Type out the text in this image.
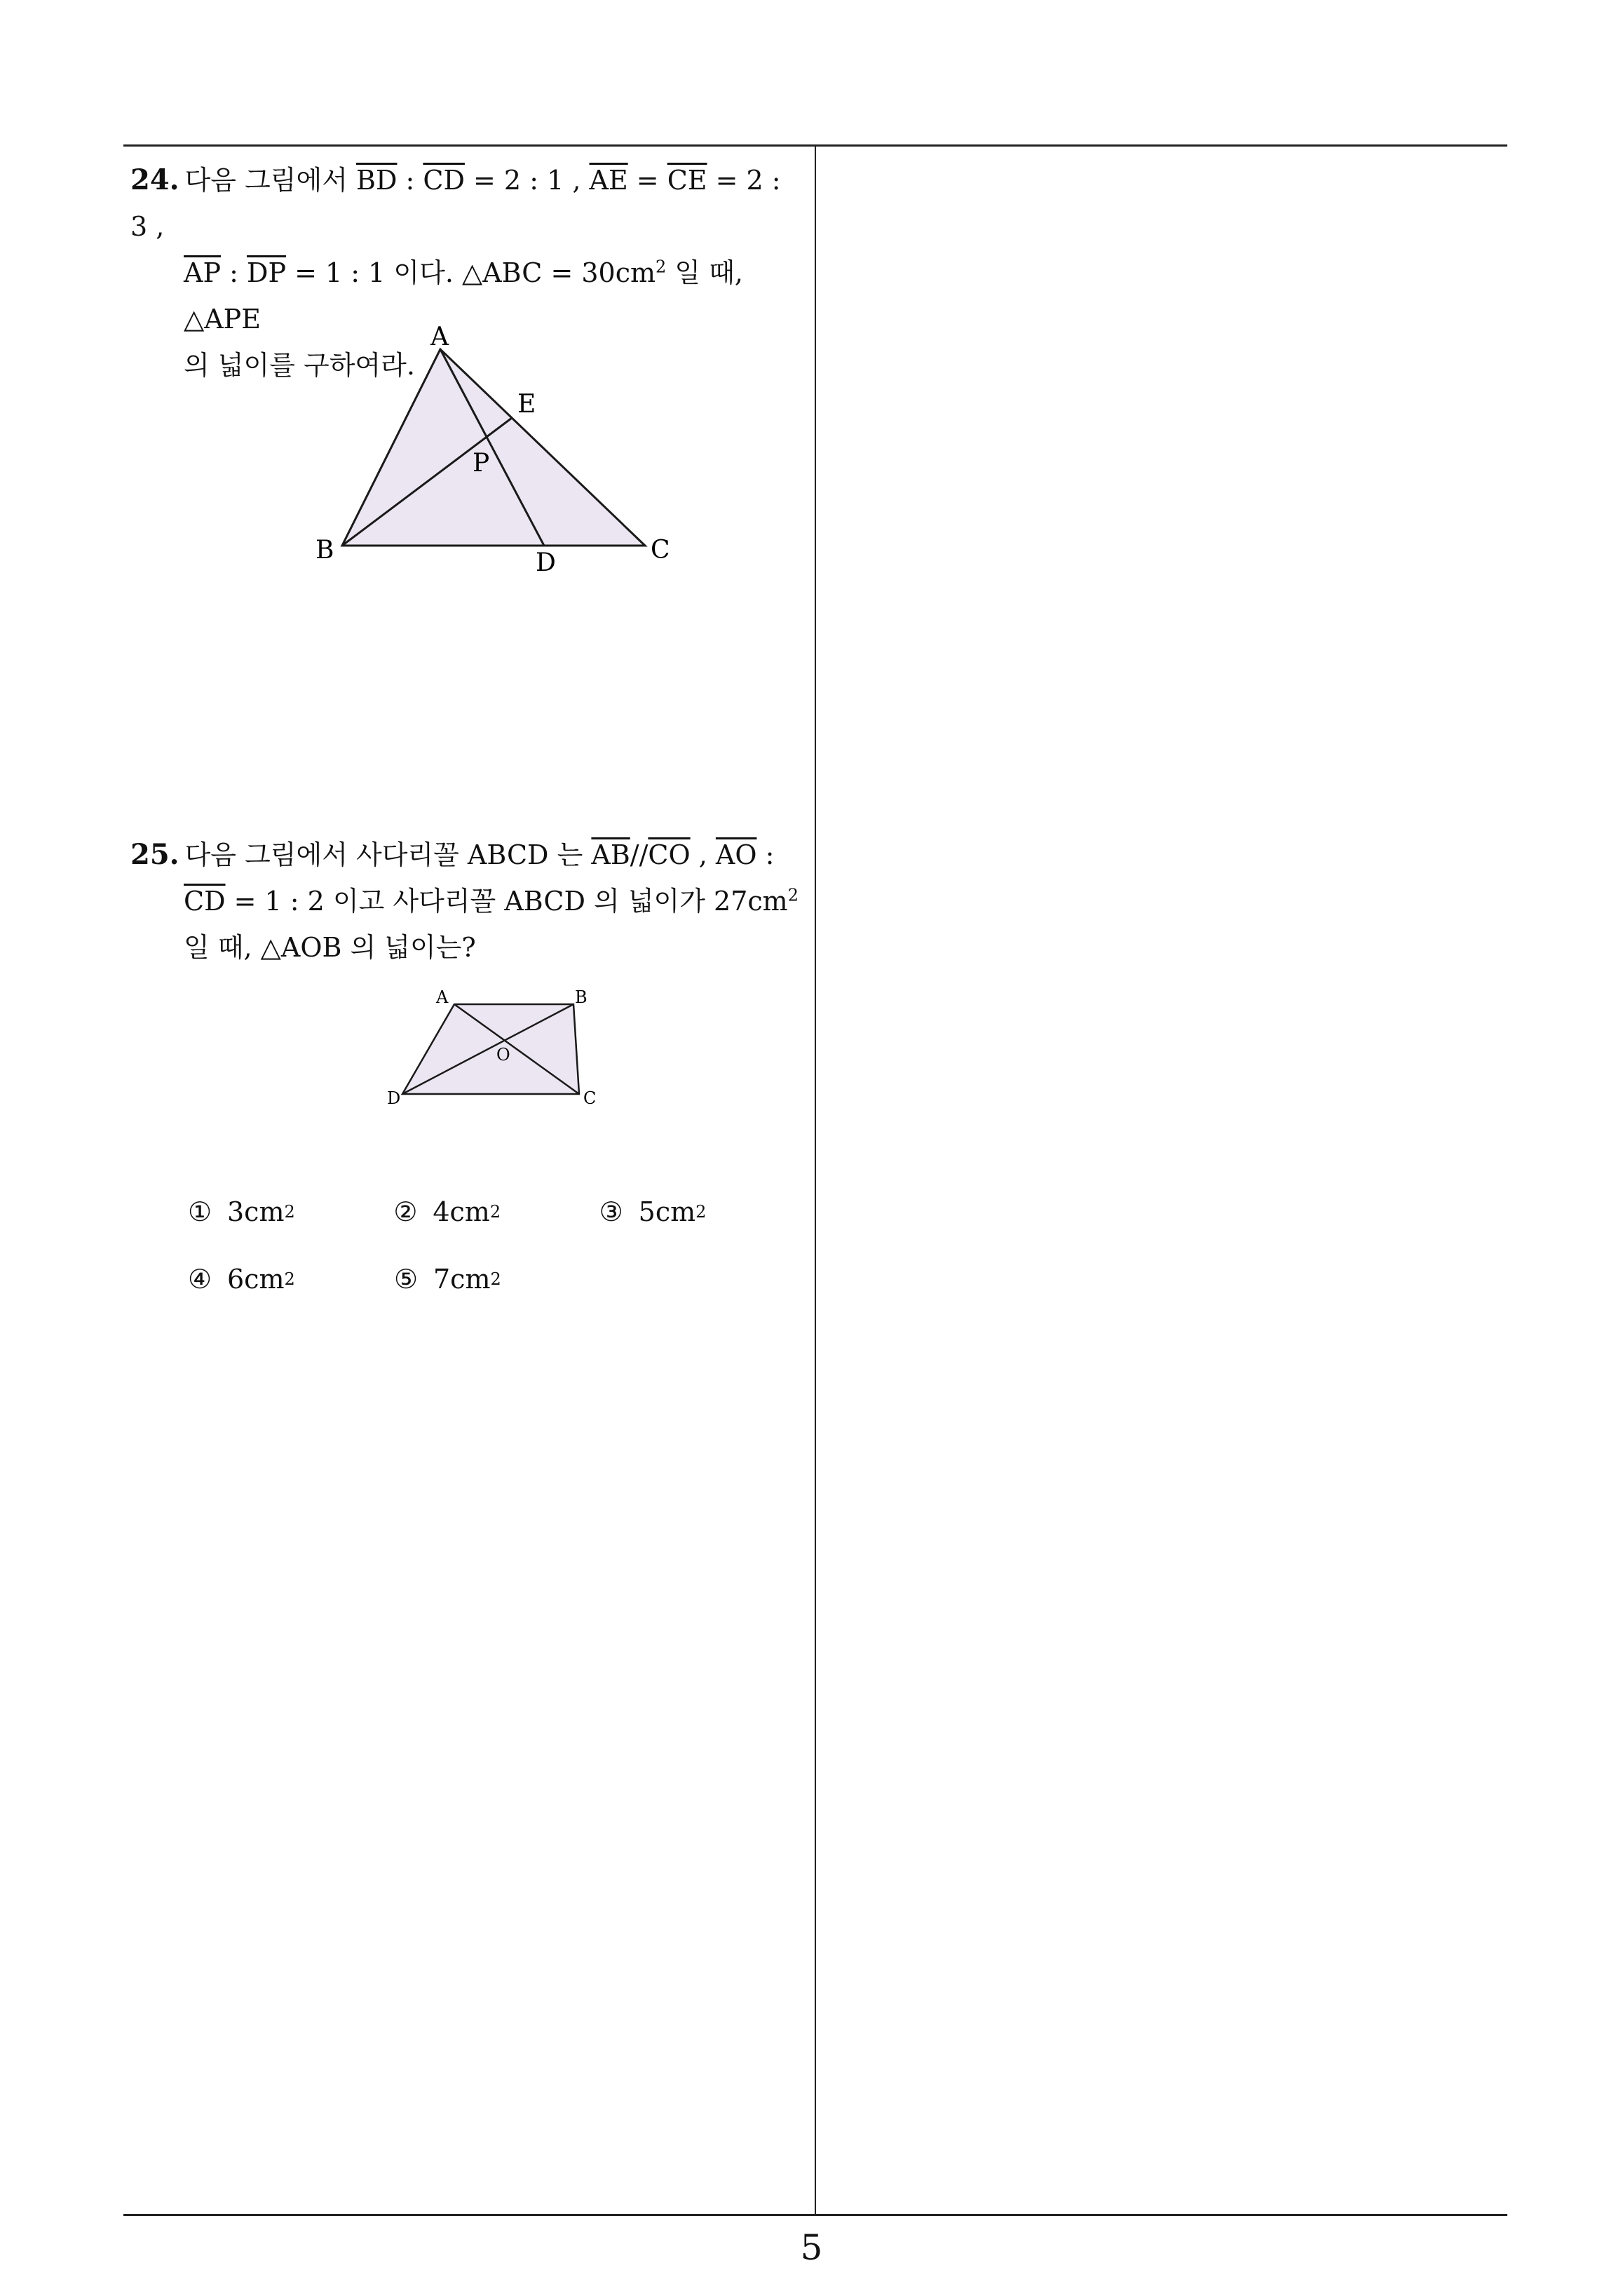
24. 다음 그림에서 $\overline{BD}$ : $\overline{CD} = 2$ : 1 , $\overline{AE} = \overline{CE} = 2$ : 3 ,

$\overline{AP}$ : $\overline{DP} = 1$ : 1 이다. △ABC = $30cm^2$ 일 때, △APE

의 넓이를 구하여라.

A
E
P
B	D	C

25. 다음 그림에서 사다리꼴 ABCD 는 $\overline{AB}//\overline{CO}$ , $\overline{AO}$ :

$\overline{CD} = 1$ : 2 이고 사다리꼴 ABCD 의 넓이가 $27cm^2$

일 때, △AOB 의 넓이는?

A	B
O
D	C
① 3cm 2	② 4cm 2	③ 5cm 2
④ 6cm 2	⑤ 7cm 2
5
